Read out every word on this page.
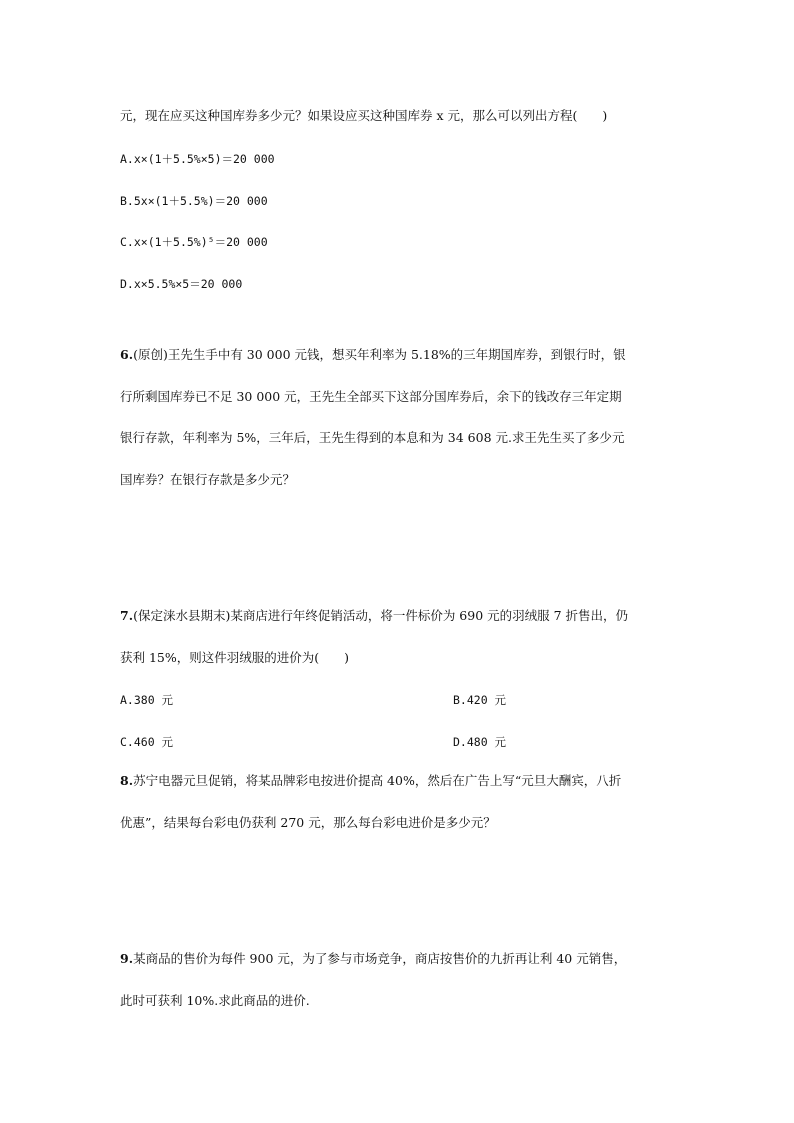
元，现在应买这种国库券多少元？如果设应买这种国库券 x 元，那么可以列出方程(　　)
A.x×(1＋5.5%×5)＝20 000
B.5x×(1＋5.5%)＝20 000
C.x×(1＋5.5%)⁵＝20 000
D.x×5.5%×5＝20 000
6.(原创)王先生手中有 30 000 元钱，想买年利率为 5.18%的三年期国库券，到银行时，银
行所剩国库券已不足 30 000 元，王先生全部买下这部分国库券后，余下的钱改存三年定期
银行存款，年利率为 5%，三年后，王先生得到的本息和为 34 608 元.求王先生买了多少元
国库券？在银行存款是多少元？
7.(保定涞水县期末)某商店进行年终促销活动，将一件标价为 690 元的羽绒服 7 折售出，仍
获利 15%，则这件羽绒服的进价为(　　)
A.380 元	B.420 元
C.460 元	D.480 元
8.苏宁电器元旦促销，将某品牌彩电按进价提高 40%，然后在广告上写“元旦大酬宾，八折
优惠”，结果每台彩电仍获利 270 元，那么每台彩电进价是多少元？
9.某商品的售价为每件 900 元，为了参与市场竞争，商店按售价的九折再让利 40 元销售，
此时可获利 10%.求此商品的进价.
